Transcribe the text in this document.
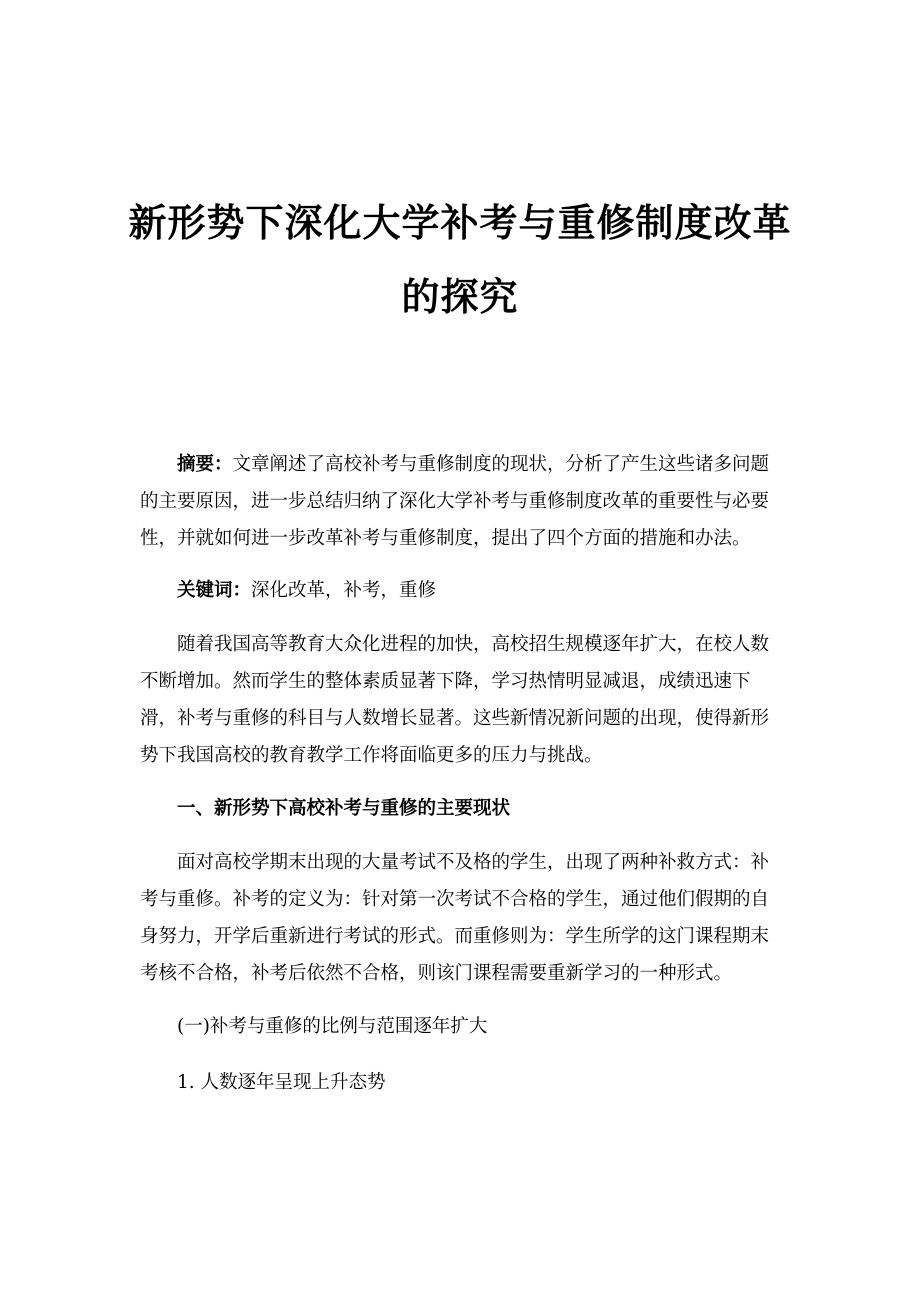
新形势下深化大学补考与重修制度改革
的探究

摘要：文章阐述了高校补考与重修制度的现状，分析了产生这些诸多问题
的主要原因，进一步总结归纳了深化大学补考与重修制度改革的重要性与必要
性，并就如何进一步改革补考与重修制度，提出了四个方面的措施和办法。

关键词：深化改革，补考，重修

随着我国高等教育大众化进程的加快，高校招生规模逐年扩大，在校人数
不断增加。然而学生的整体素质显著下降，学习热情明显减退，成绩迅速下
滑，补考与重修的科目与人数增长显著。这些新情况新问题的出现，使得新形
势下我国高校的教育教学工作将面临更多的压力与挑战。

一、新形势下高校补考与重修的主要现状

面对高校学期末出现的大量考试不及格的学生，出现了两种补救方式：补
考与重修。补考的定义为：针对第一次考试不合格的学生，通过他们假期的自
身努力，开学后重新进行考试的形式。而重修则为：学生所学的这门课程期末
考核不合格，补考后依然不合格，则该门课程需要重新学习的一种形式。

(一)补考与重修的比例与范围逐年扩大

1. 人数逐年呈现上升态势
